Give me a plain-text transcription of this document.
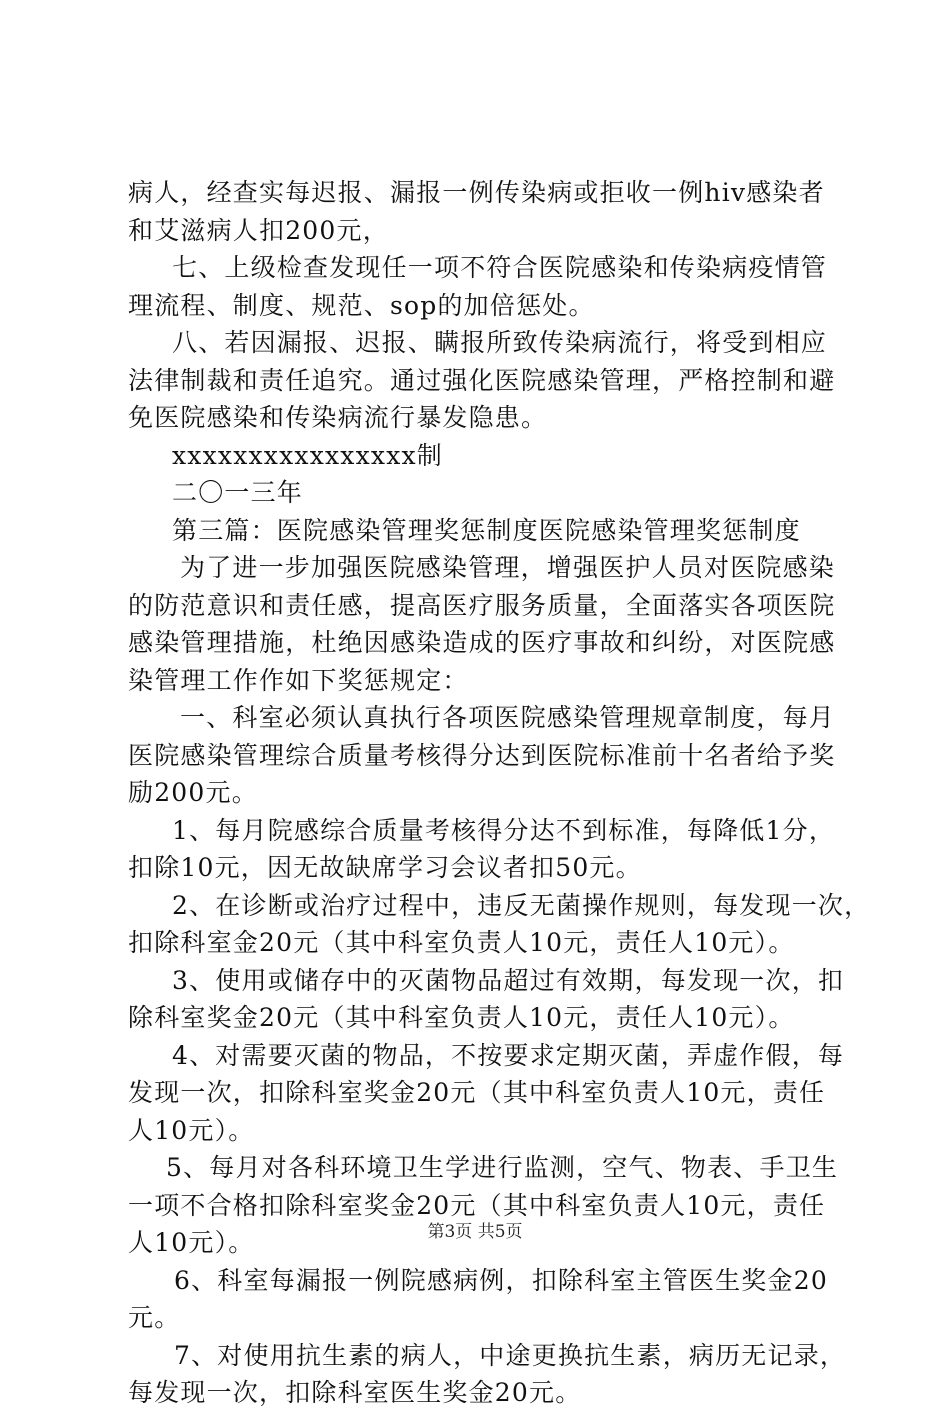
病人，经查实每迟报、漏报一例传染病或拒收一例hiv感染者
和艾滋病人扣200元，
七、上级检查发现任一项不符合医院感染和传染病疫情管
理流程、制度、规范、sop的加倍惩处。
八、若因漏报、迟报、瞒报所致传染病流行，将受到相应
法律制裁和责任追究。通过强化医院感染管理，严格控制和避
免医院感染和传染病流行暴发隐患。
xxxxxxxxxxxxxxxx制
二〇一三年
第三篇：医院感染管理奖惩制度医院感染管理奖惩制度
为了进一步加强医院感染管理，增强医护人员对医院感染
的防范意识和责任感，提高医疗服务质量，全面落实各项医院
感染管理措施，杜绝因感染造成的医疗事故和纠纷，对医院感
染管理工作作如下奖惩规定：
一、科室必须认真执行各项医院感染管理规章制度，每月
医院感染管理综合质量考核得分达到医院标准前十名者给予奖
励200元。
1、每月院感综合质量考核得分达不到标准，每降低1分，
扣除10元，因无故缺席学习会议者扣50元。
2、在诊断或治疗过程中，违反无菌操作规则，每发现一次，
扣除科室金20元（其中科室负责人10元，责任人10元）。
3、使用或储存中的灭菌物品超过有效期，每发现一次，扣
除科室奖金20元（其中科室负责人10元，责任人10元）。
4、对需要灭菌的物品，不按要求定期灭菌，弄虚作假，每
发现一次，扣除科室奖金20元（其中科室负责人10元，责任
人10元）。
5、每月对各科环境卫生学进行监测，空气、物表、手卫生
一项不合格扣除科室奖金20元（其中科室负责人10元，责任
人10元）。
6、科室每漏报一例院感病例，扣除科室主管医生奖金20
元。
7、对使用抗生素的病人，中途更换抗生素，病历无记录，
每发现一次，扣除科室医生奖金20元。
第3页 共5页
